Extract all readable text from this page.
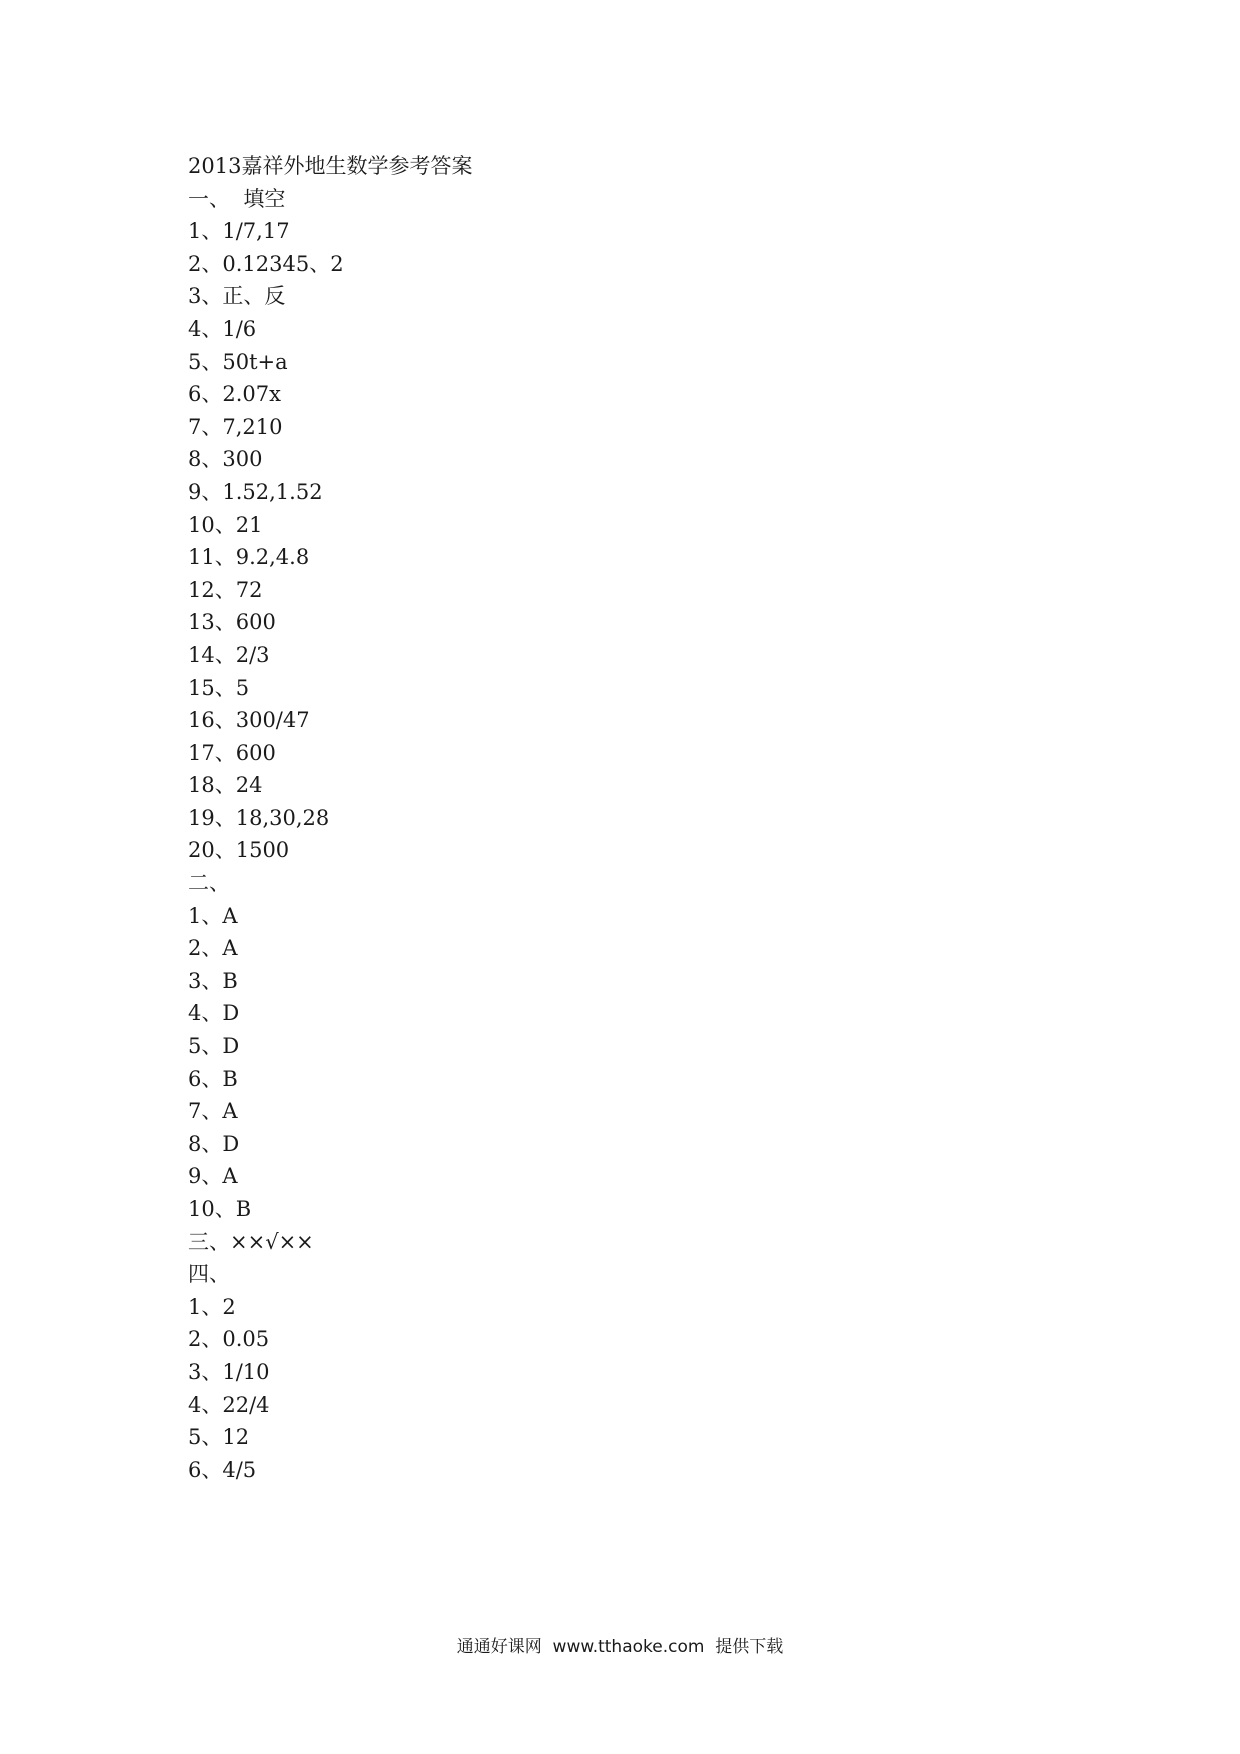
2013嘉祥外地生数学参考答案
一、  填空
1、1/7,17
2、0.12345、2
3、正、反
4、1/6
5、50t+a
6、2.07x
7、7,210
8、300
9、1.52,1.52
10、21
11、9.2,4.8
12、72
13、600
14、2/3
15、5
16、300/47
17、600
18、24
19、18,30,28
20、1500
二、
1、A
2、A
3、B
4、D
5、D
6、B
7、A
8、D
9、A
10、B
三、××√××
四、
1、2
2、0.05
3、1/10
4、22/4
5、12
6、4/5
通通好课网  www.tthaoke.com  提供下载
